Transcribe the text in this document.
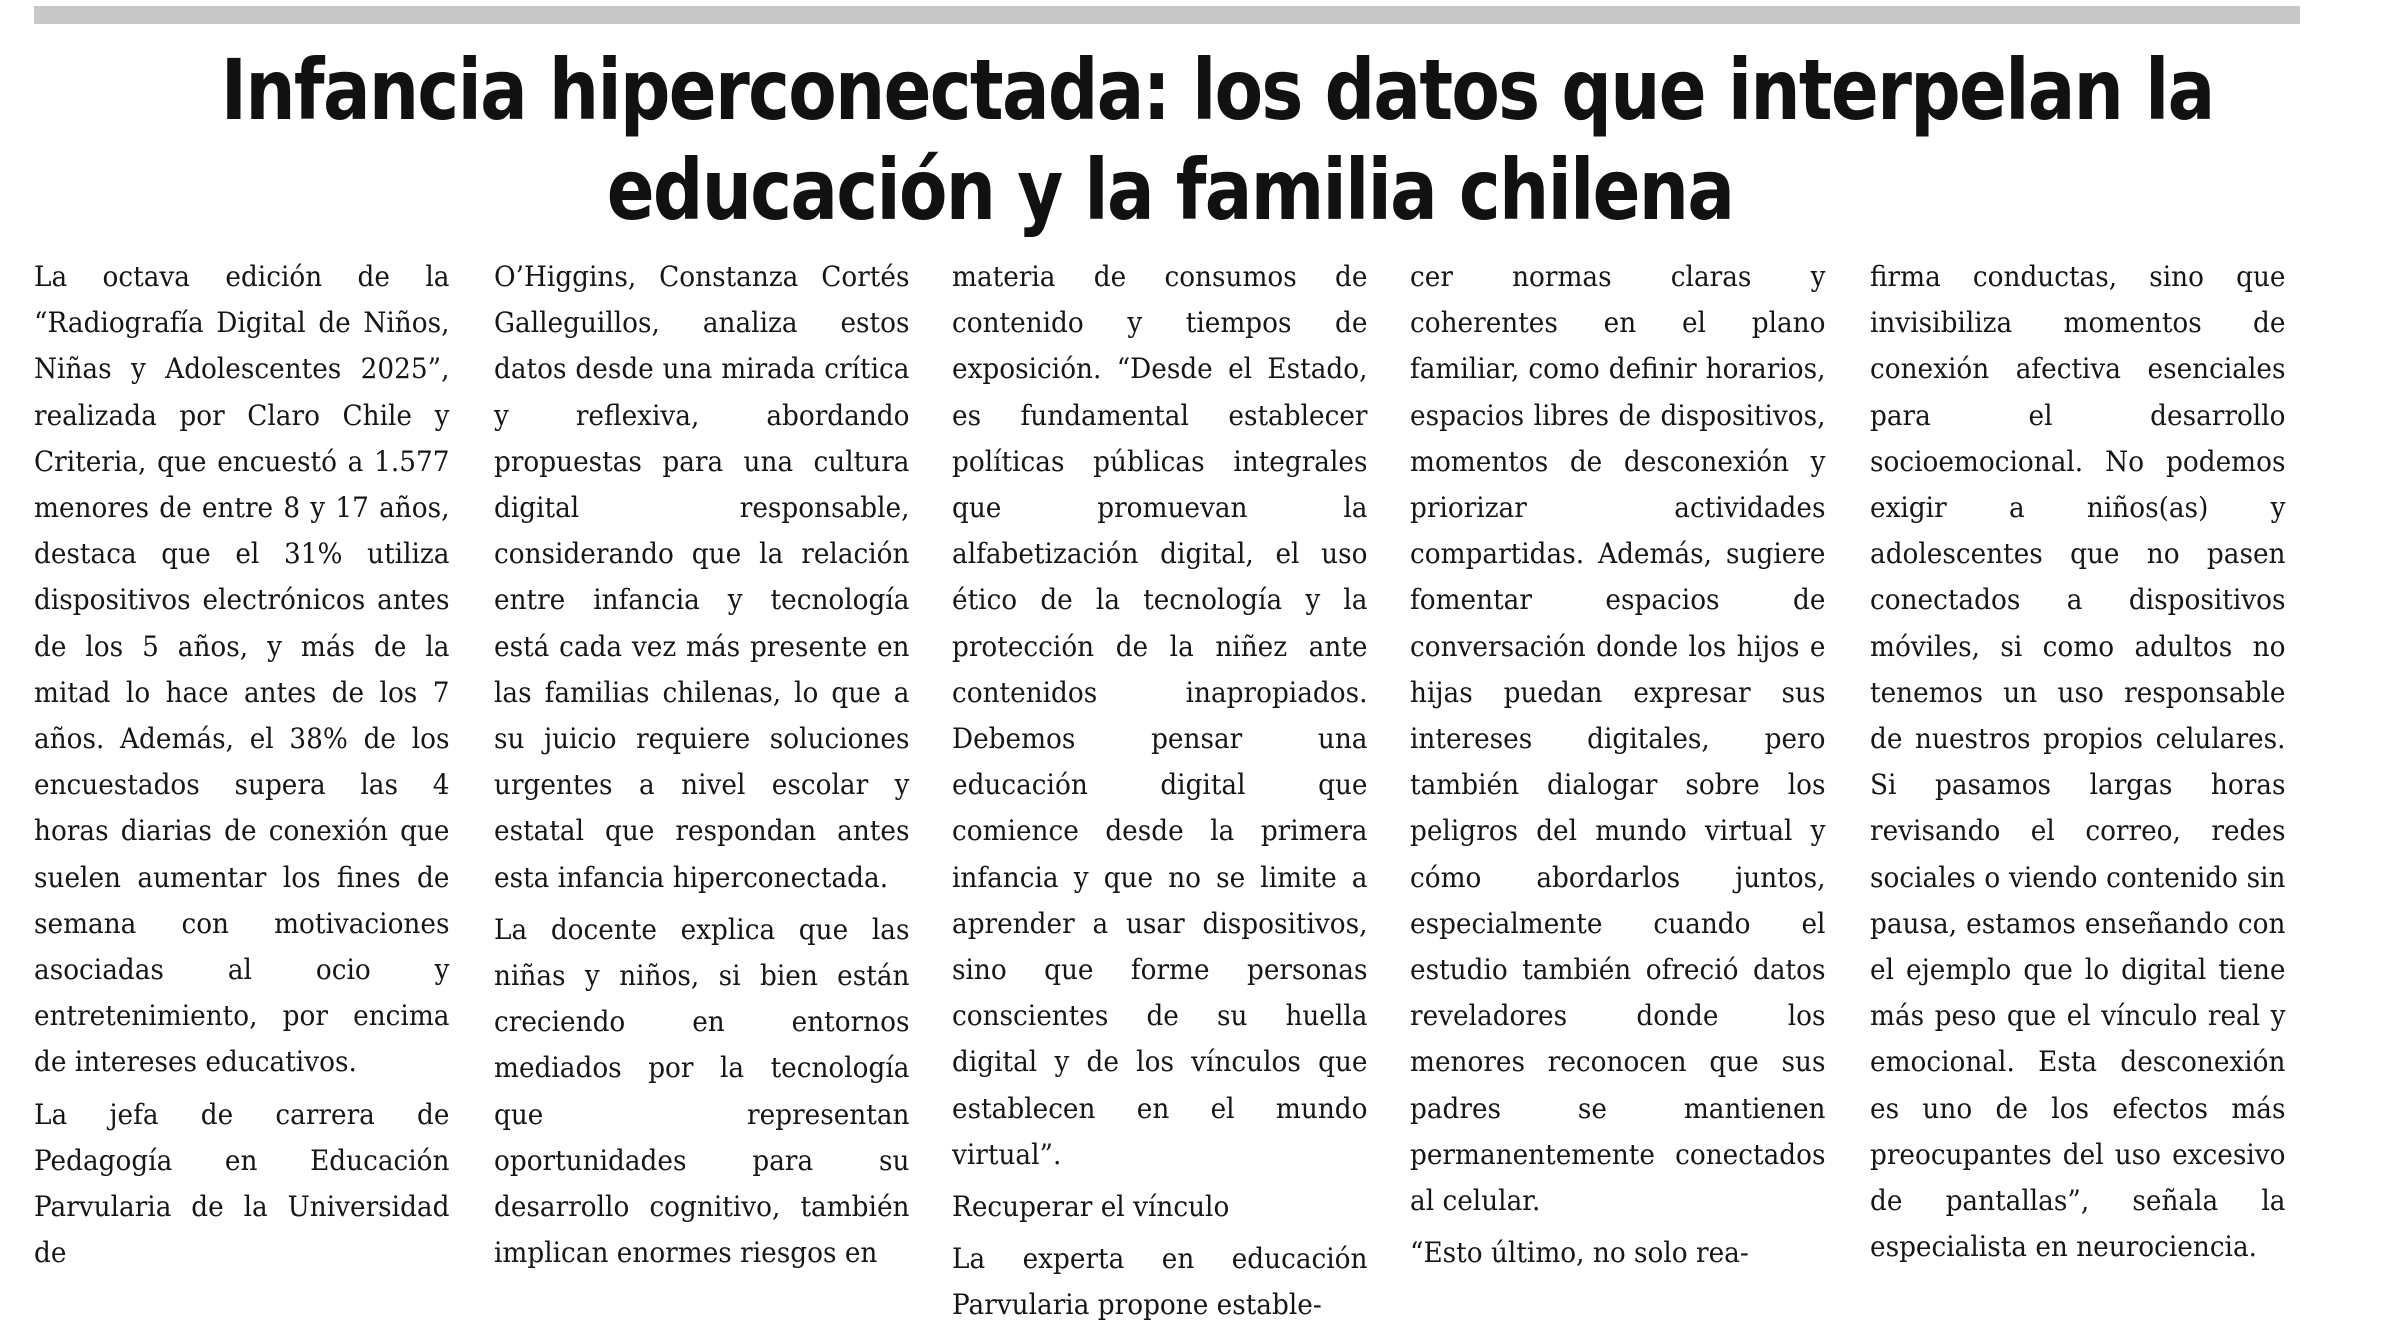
Infancia hiperconectada: los datos que interpelan la
educación y la familia chilena

La octava edición de la “Radiografía Digital de Niños, Niñas y Adolescentes 2025”, realizada por Claro Chile y Criteria, que encuestó a 1.577 menores de entre 8 y 17 años, destaca que el 31% utiliza dispositivos electrónicos antes de los 5 años, y más de la mitad lo hace antes de los 7 años. Además, el 38% de los encuestados supera las 4 horas diarias de conexión que suelen aumentar los fines de semana con motivaciones asociadas al ocio y entretenimiento, por encima de intereses educativos.

La jefa de carrera de Pedagogía en Educación Parvularia de la Universidad de

O’Higgins, Constanza Cortés Galleguillos, analiza estos datos desde una mirada crítica y reflexiva, abordando propuestas para una cultura digital responsable, considerando que la relación entre infancia y tecnología está cada vez más presente en las familias chilenas, lo que a su juicio requiere soluciones urgentes a nivel escolar y estatal que respondan antes esta infancia hiperconectada.

La docente explica que las niñas y niños, si bien están creciendo en entornos mediados por la tecnología que representan oportunidades para su desarrollo cognitivo, también implican enormes riesgos en

materia de consumos de contenido y tiempos de exposición. “Desde el Estado, es fundamental establecer políticas públicas integrales que promuevan la alfabetización digital, el uso ético de la tecnología y la protección de la niñez ante contenidos inapropiados. Debemos pensar una educación digital que comience desde la primera infancia y que no se limite a aprender a usar dispositivos, sino que forme personas conscientes de su huella digital y de los vínculos que establecen en el mundo virtual”.

Recuperar el vínculo

La experta en educación Parvularia propone estable-

cer normas claras y coherentes en el plano familiar, como definir horarios, espacios libres de dispositivos, momentos de desconexión y priorizar actividades compartidas. Además, sugiere fomentar espacios de conversación donde los hijos e hijas puedan expresar sus intereses digitales, pero también dialogar sobre los peligros del mundo virtual y cómo abordarlos juntos, especialmente cuando el estudio también ofreció datos reveladores donde los menores reconocen que sus padres se mantienen permanentemente conectados al celular.

“Esto último, no solo rea-

firma conductas, sino que invisibiliza momentos de conexión afectiva esenciales para el desarrollo socioemocional. No podemos exigir a niños(as) y adolescentes que no pasen conectados a dispositivos móviles, si como adultos no tenemos un uso responsable de nuestros propios celulares. Si pasamos largas horas revisando el correo, redes sociales o viendo contenido sin pausa, estamos enseñando con el ejemplo que lo digital tiene más peso que el vínculo real y emocional. Esta desconexión es uno de los efectos más preocupantes del uso excesivo de pantallas”, señala la especialista en neurociencia.
